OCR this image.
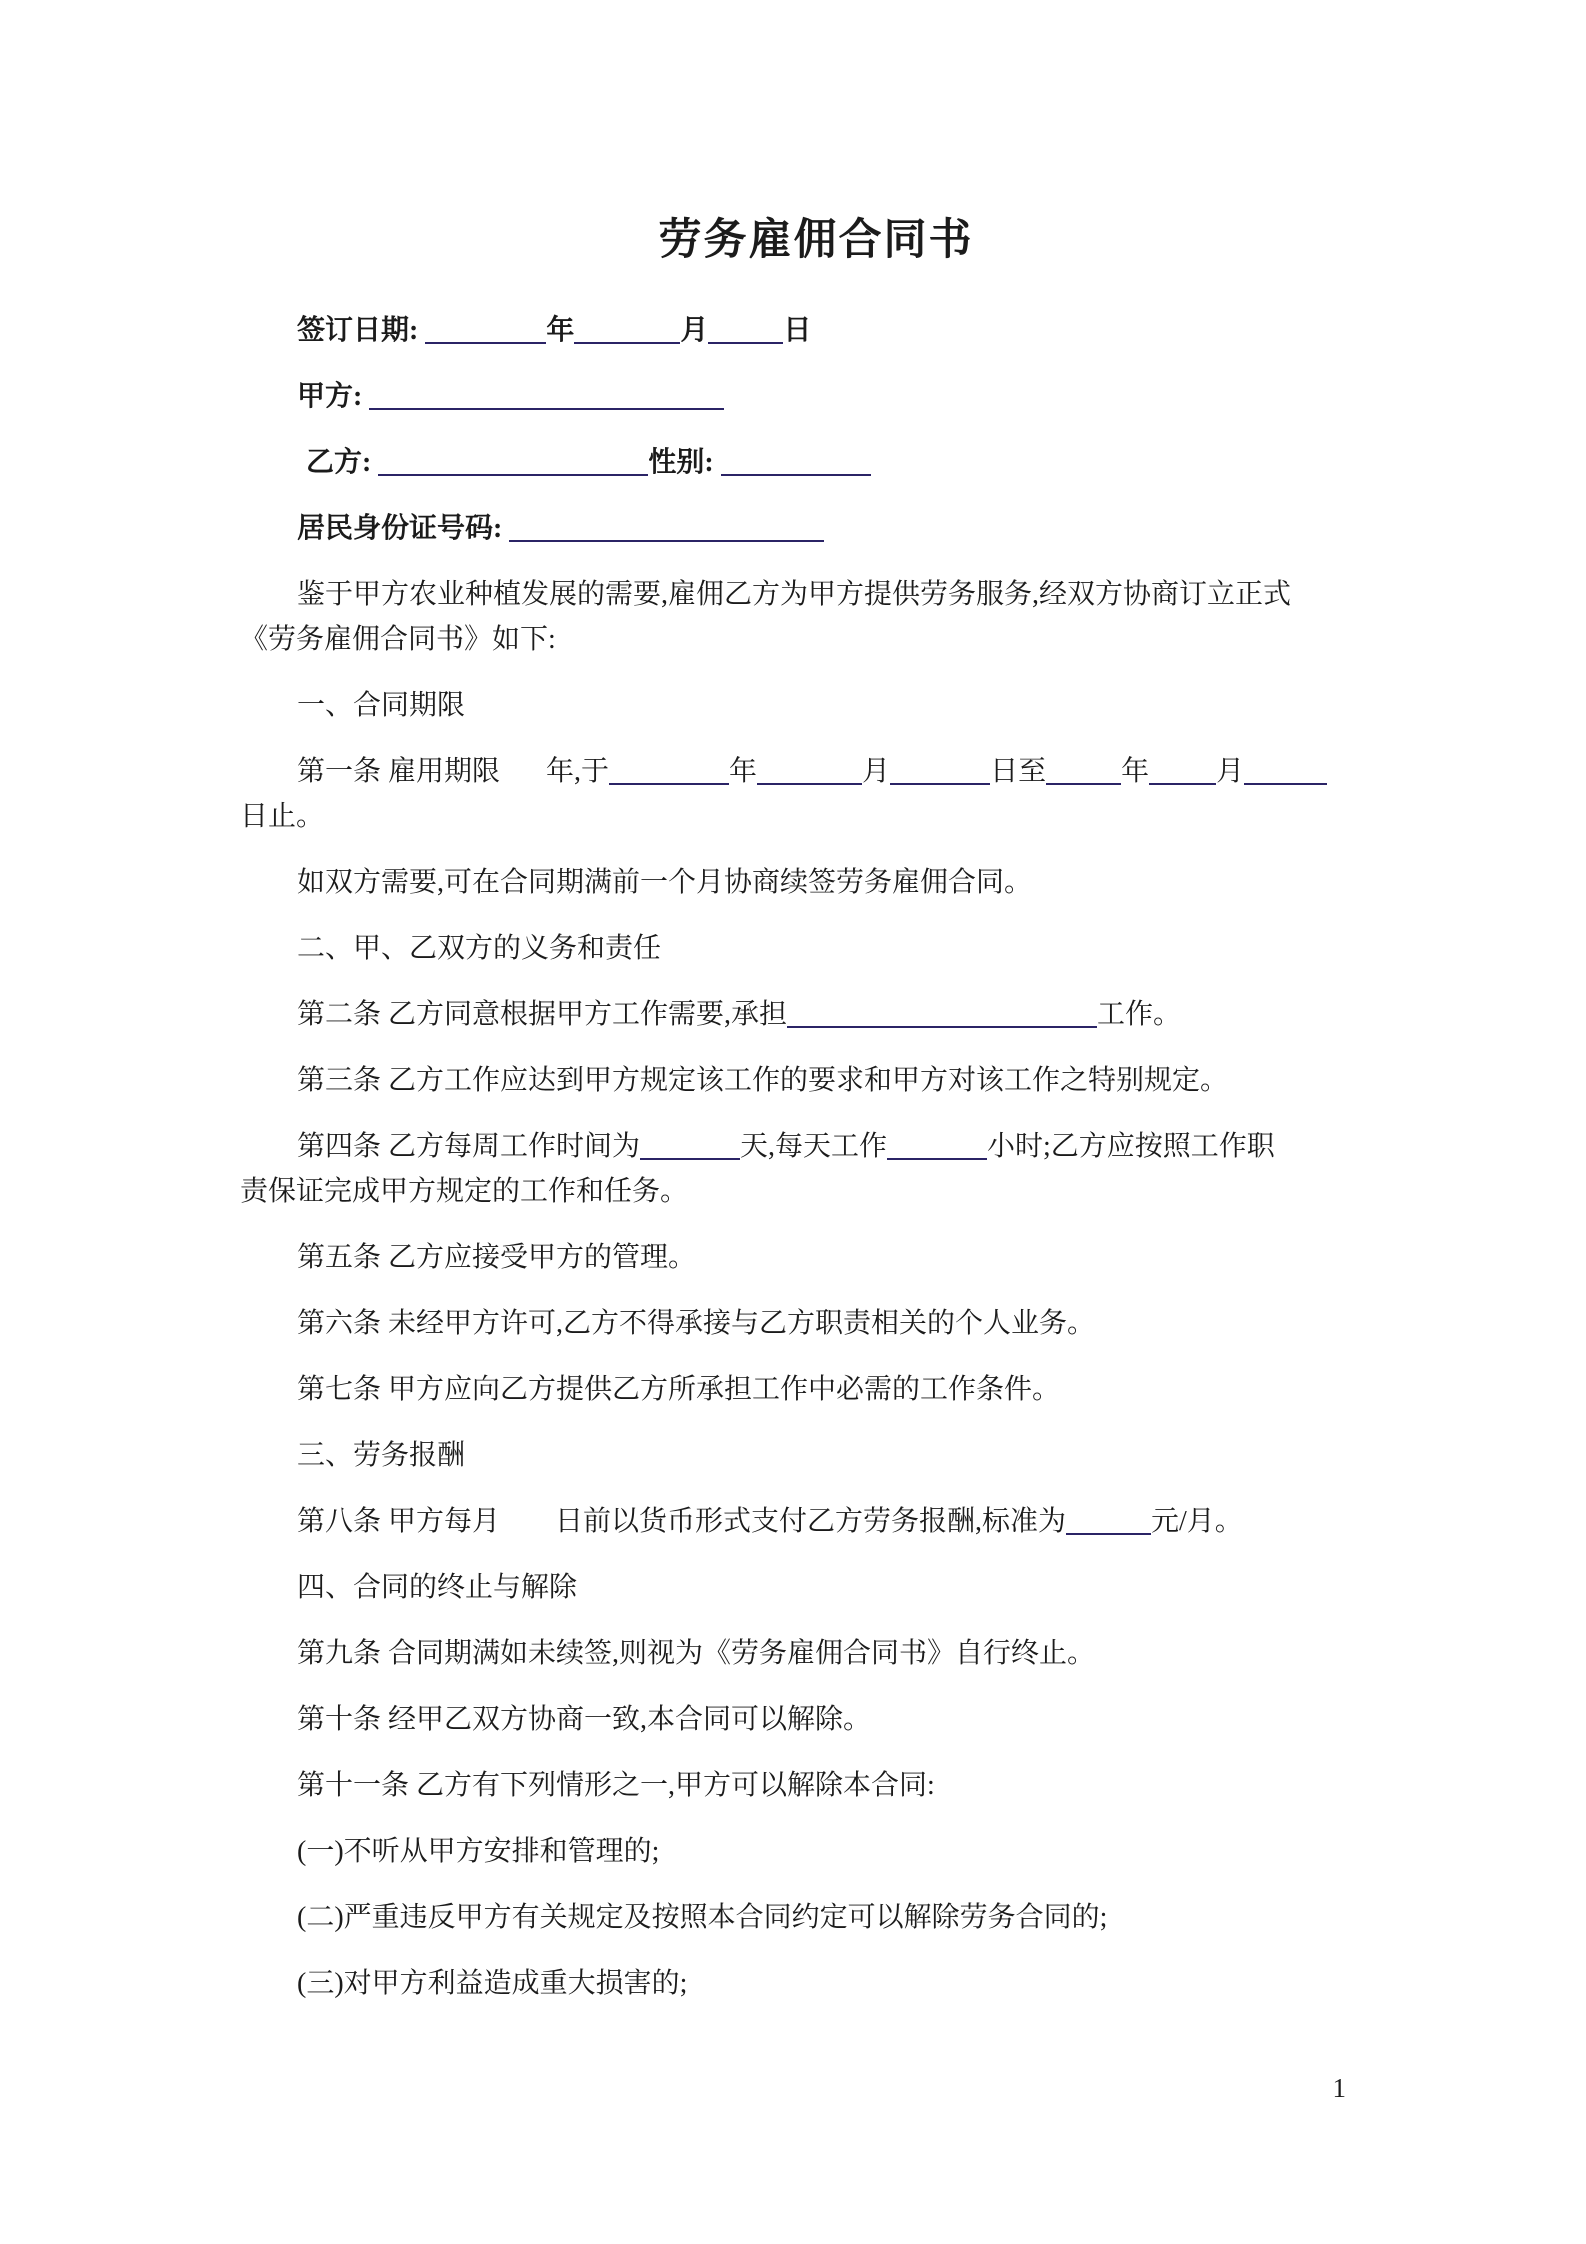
劳务雇佣合同书

签订日期:	年	月	日

甲方:

乙方:	性别:

居民身份证号码:

鉴于甲方农业种植发展的需要,雇佣乙方为甲方提供劳务服务,经双方协商订立正式
《劳务雇佣合同书》如下:

一、合同期限

第一条 雇用期限 年,于	年	月	日至	年 月
日止。

如双方需要,可在合同期满前一个月协商续签劳务雇佣合同。

二、甲、乙双方的义务和责任

第二条 乙方同意根据甲方工作需要,承担	工作。

第三条 乙方工作应达到甲方规定该工作的要求和甲方对该工作之特别规定。

第四条 乙方每周工作时间为	天,每天工作	小时;乙方应按照工作职
责保证完成甲方规定的工作和任务。

第五条 乙方应接受甲方的管理。

第六条 未经甲方许可,乙方不得承接与乙方职责相关的个人业务。

第七条 甲方应向乙方提供乙方所承担工作中必需的工作条件。

三、劳务报酬

第八条 甲方每月 日前以货币形式支付乙方劳务报酬,标准为	元/月。

四、合同的终止与解除

第九条 合同期满如未续签,则视为《劳务雇佣合同书》自行终止。

第十条 经甲乙双方协商一致,本合同可以解除。

第十一条 乙方有下列情形之一,甲方可以解除本合同:

(一)不听从甲方安排和管理的;

(二)严重违反甲方有关规定及按照本合同约定可以解除劳务合同的;

(三)对甲方利益造成重大损害的;

1
